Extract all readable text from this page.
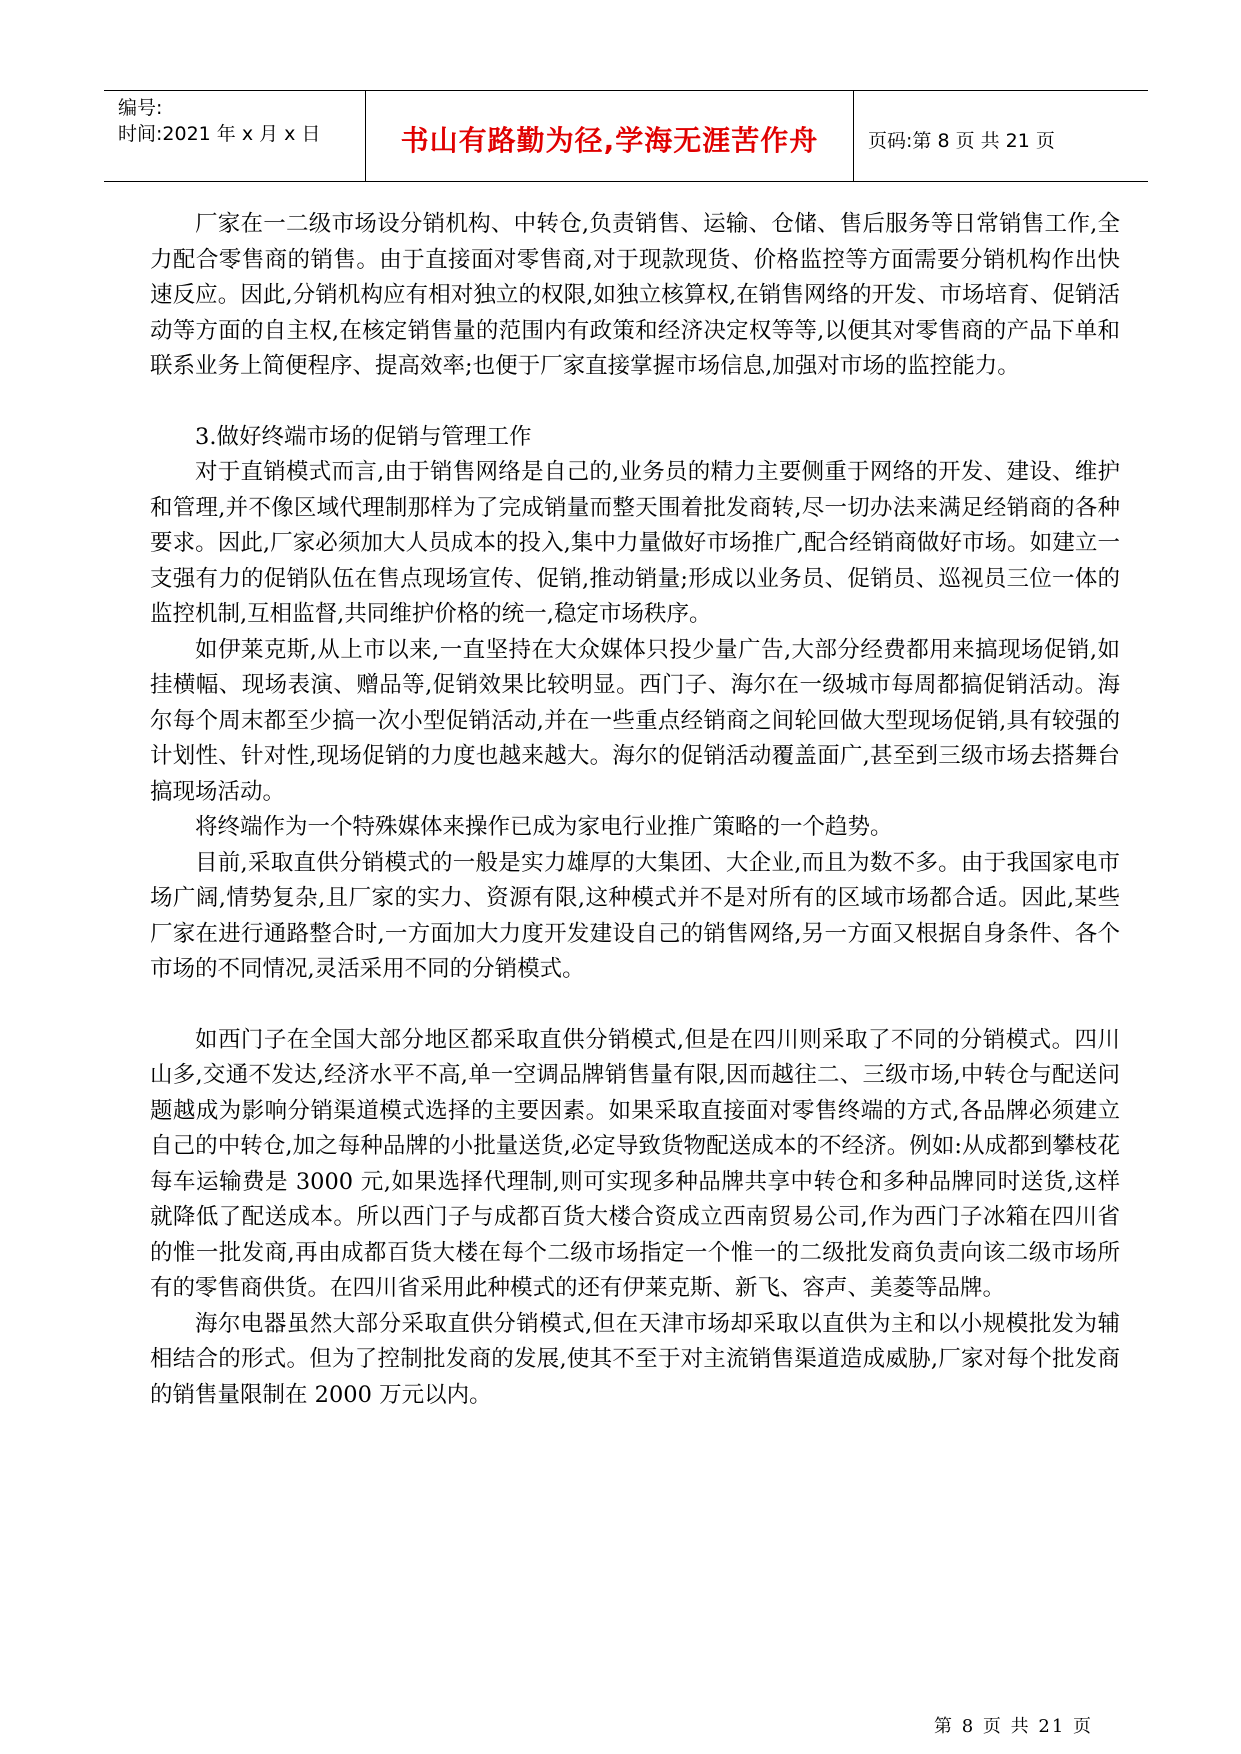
编号:
时间:2021 年 x 月 x 日	书山有路勤为径,学海无涯苦作舟	页码:第 8 页 共 21 页

厂家在一二级市场设分销机构、中转仓,负责销售、运输、仓储、售后服务等日常销售工作,全力配合零售商的销售。由于直接面对零售商,对于现款现货、价格监控等方面需要分销机构作出快速反应。因此,分销机构应有相对独立的权限,如独立核算权,在销售网络的开发、市场培育、促销活动等方面的自主权,在核定销售量的范围内有政策和经济决定权等等,以便其对零售商的产品下单和联系业务上简便程序、提高效率;也便于厂家直接掌握市场信息,加强对市场的监控能力。

3.做好终端市场的促销与管理工作

对于直销模式而言,由于销售网络是自己的,业务员的精力主要侧重于网络的开发、建设、维护和管理,并不像区域代理制那样为了完成销量而整天围着批发商转,尽一切办法来满足经销商的各种要求。因此,厂家必须加大人员成本的投入,集中力量做好市场推广,配合经销商做好市场。如建立一支强有力的促销队伍在售点现场宣传、促销,推动销量;形成以业务员、促销员、巡视员三位一体的监控机制,互相监督,共同维护价格的统一,稳定市场秩序。

如伊莱克斯,从上市以来,一直坚持在大众媒体只投少量广告,大部分经费都用来搞现场促销,如挂横幅、现场表演、赠品等,促销效果比较明显。西门子、海尔在一级城市每周都搞促销活动。海尔每个周末都至少搞一次小型促销活动,并在一些重点经销商之间轮回做大型现场促销,具有较强的计划性、针对性,现场促销的力度也越来越大。海尔的促销活动覆盖面广,甚至到三级市场去搭舞台搞现场活动。

将终端作为一个特殊媒体来操作已成为家电行业推广策略的一个趋势。

目前,采取直供分销模式的一般是实力雄厚的大集团、大企业,而且为数不多。由于我国家电市场广阔,情势复杂,且厂家的实力、资源有限,这种模式并不是对所有的区域市场都合适。因此,某些厂家在进行通路整合时,一方面加大力度开发建设自己的销售网络,另一方面又根据自身条件、各个市场的不同情况,灵活采用不同的分销模式。

如西门子在全国大部分地区都采取直供分销模式,但是在四川则采取了不同的分销模式。四川山多,交通不发达,经济水平不高,单一空调品牌销售量有限,因而越往二、三级市场,中转仓与配送问题越成为影响分销渠道模式选择的主要因素。如果采取直接面对零售终端的方式,各品牌必须建立自己的中转仓,加之每种品牌的小批量送货,必定导致货物配送成本的不经济。例如:从成都到攀枝花每车运输费是 3000 元,如果选择代理制,则可实现多种品牌共享中转仓和多种品牌同时送货,这样就降低了配送成本。所以西门子与成都百货大楼合资成立西南贸易公司,作为西门子冰箱在四川省的惟一批发商,再由成都百货大楼在每个二级市场指定一个惟一的二级批发商负责向该二级市场所有的零售商供货。在四川省采用此种模式的还有伊莱克斯、新飞、容声、美菱等品牌。

海尔电器虽然大部分采取直供分销模式,但在天津市场却采取以直供为主和以小规模批发为辅相结合的形式。但为了控制批发商的发展,使其不至于对主流销售渠道造成威胁,厂家对每个批发商的销售量限制在 2000 万元以内。

第 8 页 共 21 页
